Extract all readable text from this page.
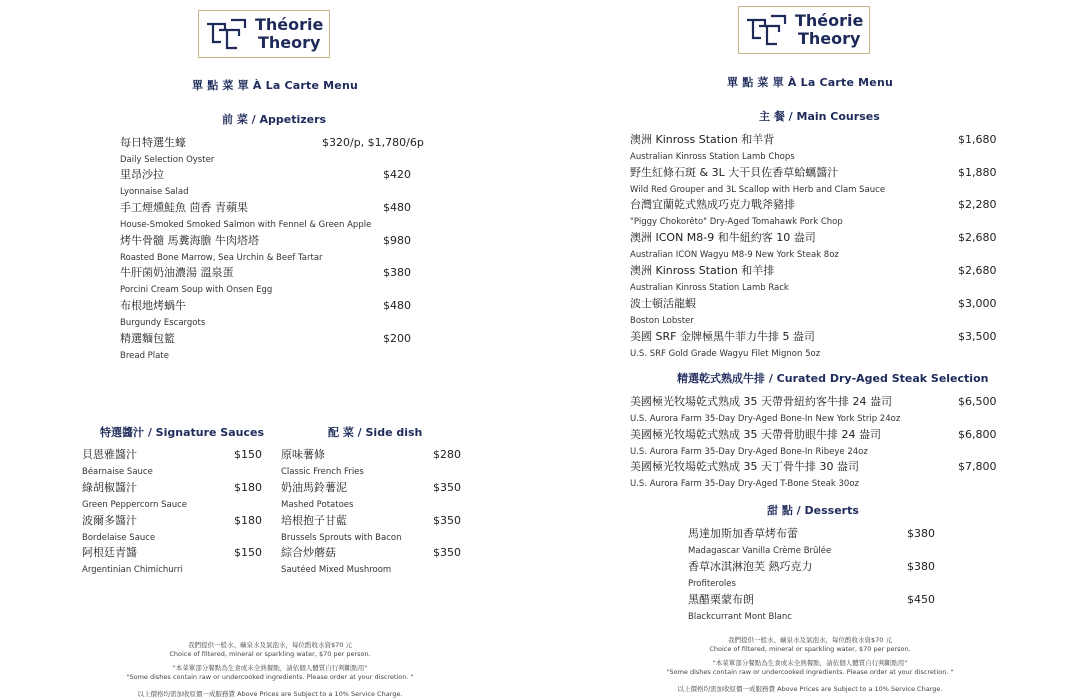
Théorie
Theory
單 點 菜 單 À La Carte Menu
前 菜 / Appetizers
每日特選生蠔
Daily Selection Oyster
$320/p, $1,780/6p
里昂沙拉
Lyonnaise Salad
$420
手工煙燻鮭魚 茴香 青蘋果
House-Smoked Smoked Salmon with Fennel & Green Apple
$480
烤牛骨髓 馬糞海膽 牛肉塔塔
Roasted Bone Marrow, Sea Urchin & Beef Tartar
$980
牛肝菌奶油濃湯 溫泉蛋
Porcini Cream Soup with Onsen Egg
$380
布根地烤蝸牛
Burgundy Escargots
$480
精選麵包籃
Bread Plate
$200
特選醬汁 / Signature Sauces
貝恩雅醬汁
Béarnaise Sauce
$150
綠胡椒醬汁
Green Peppercorn Sauce
$180
波爾多醬汁
Bordelaise Sauce
$180
阿根廷青醬
Argentinian Chimichurri
$150
配 菜 / Side dish
原味薯條
Classic French Fries
$280
奶油馬鈴薯泥
Mashed Potatoes
$350
培根抱子甘藍
Brussels Sprouts with Bacon
$350
綜合炒蘑菇
Sautéed Mixed Mushroom
$350
我們提供一般水、礦泉水及氣泡水，每位酌收水資$70 元
Choice of filtered, mineral or sparkling water, $70 per person.
"本菜單部分餐點為生食或未全熟餐點，請依個人體質自行判斷點用"
"Some dishes contain raw or undercooked ingredients. Please order at your discretion. "
以上價格均需加收原價一成服務費 Above Prices are Subject to a 10% Service Charge.
Théorie
Theory
單 點 菜 單 À La Carte Menu
主 餐 / Main Courses
澳洲 Kinross Station 和羊背
Australian Kinross Station Lamb Chops
$1,680
野生紅條石斑 & 3L 大干貝佐香草蛤蠣醬汁
Wild Red Grouper and 3L Scallop with Herb and Clam Sauce
$1,880
台灣宜蘭乾式熟成巧克力戰斧豬排
"Piggy Chokorêto" Dry-Aged Tomahawk Pork Chop
$2,280
澳洲 ICON M8-9 和牛紐約客 10 盎司
Australian ICON Wagyu M8-9 New York Steak 8oz
$2,680
澳洲 Kinross Station 和羊排
Australian Kinross Station Lamb Rack
$2,680
波士頓活龍蝦
Boston Lobster
$3,000
美國 SRF 金牌極黑牛菲力牛排 5 盎司
U.S. SRF Gold Grade Wagyu Filet Mignon 5oz
$3,500
精選乾式熟成牛排 / Curated Dry-Aged Steak Selection
美國極光牧場乾式熟成 35 天帶骨紐約客牛排 24 盎司
U.S. Aurora Farm 35-Day Dry-Aged Bone-In New York Strip 24oz
$6,500
美國極光牧場乾式熟成 35 天帶骨肋眼牛排 24 盎司
U.S. Aurora Farm 35-Day Dry-Aged Bone-In Ribeye 24oz
$6,800
美國極光牧場乾式熟成 35 天丁骨牛排 30 盎司
U.S. Aurora Farm 35-Day Dry-Aged T-Bone Steak 30oz
$7,800
甜 點 / Desserts
馬達加斯加香草烤布蕾
Madagascar Vanilla Crème Brûlée
$380
香草冰淇淋泡芙 熱巧克力
Profiteroles
$380
黑醋栗蒙布朗
Blackcurrant Mont Blanc
$450
我們提供一般水、礦泉水及氣泡水，每位酌收水資$70 元
Choice of filtered, mineral or sparkling water, $70 per person.
"本菜單部分餐點為生食或未全熟餐點，請依個人體質自行判斷點用"
"Some dishes contain raw or undercooked ingredients. Please order at your discretion. "
以上價格均需加收原價一成服務費 Above Prices are Subject to a 10% Service Charge.
